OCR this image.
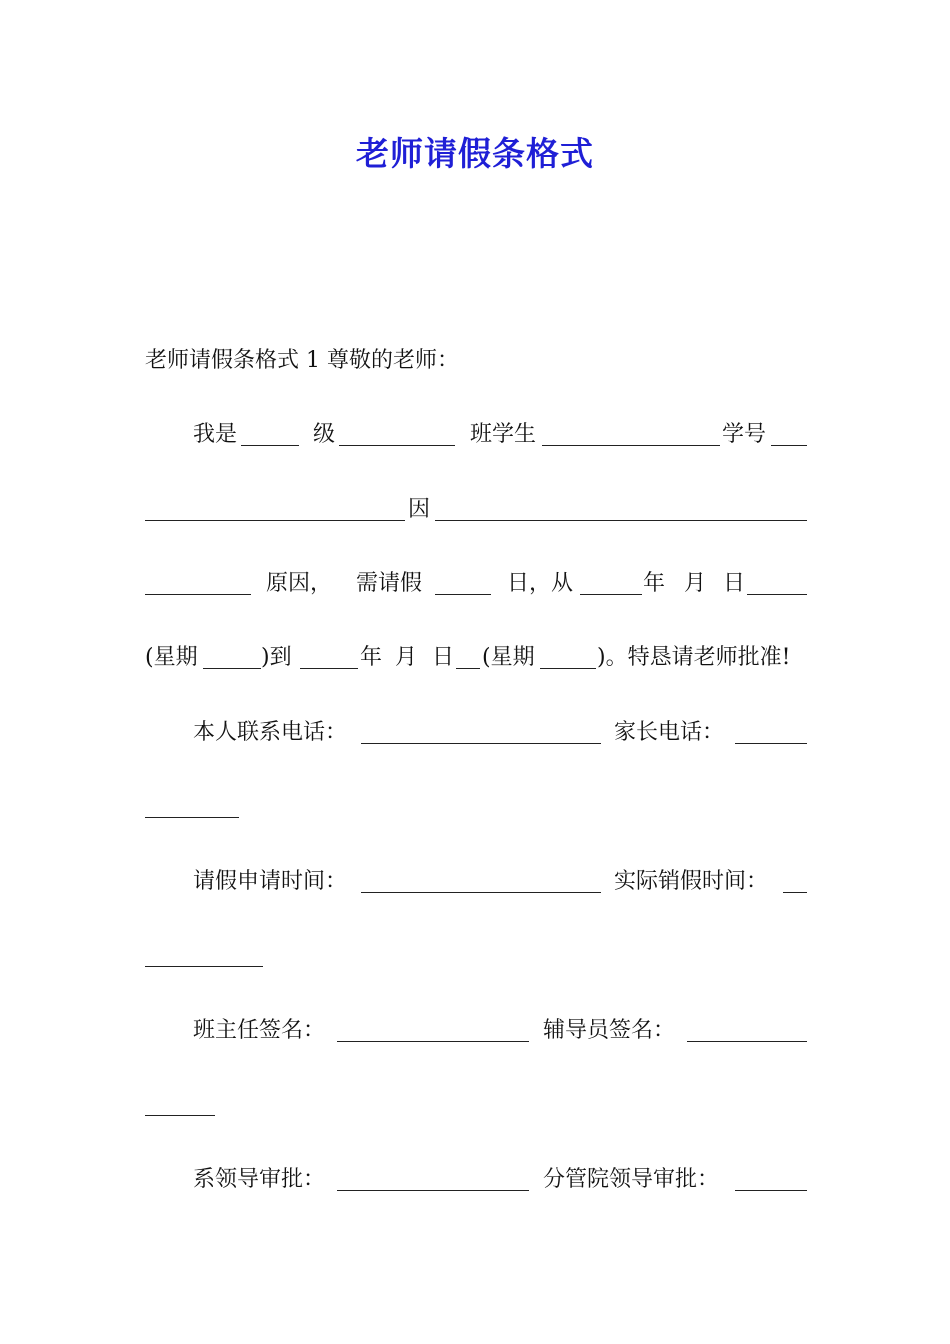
老师请假条格式
老师请假条格式 1 尊敬的老师：
我是	级	班学生	学号
因
原因， 需请假	日，从	年 月 日
(星期	)到	年 月 日 (星期	)。特恳请老师批准!
本人联系电话：	家长电话：
请假申请时间：	实际销假时间：
班主任签名：	辅导员签名：
系领导审批：	分管院领导审批：
